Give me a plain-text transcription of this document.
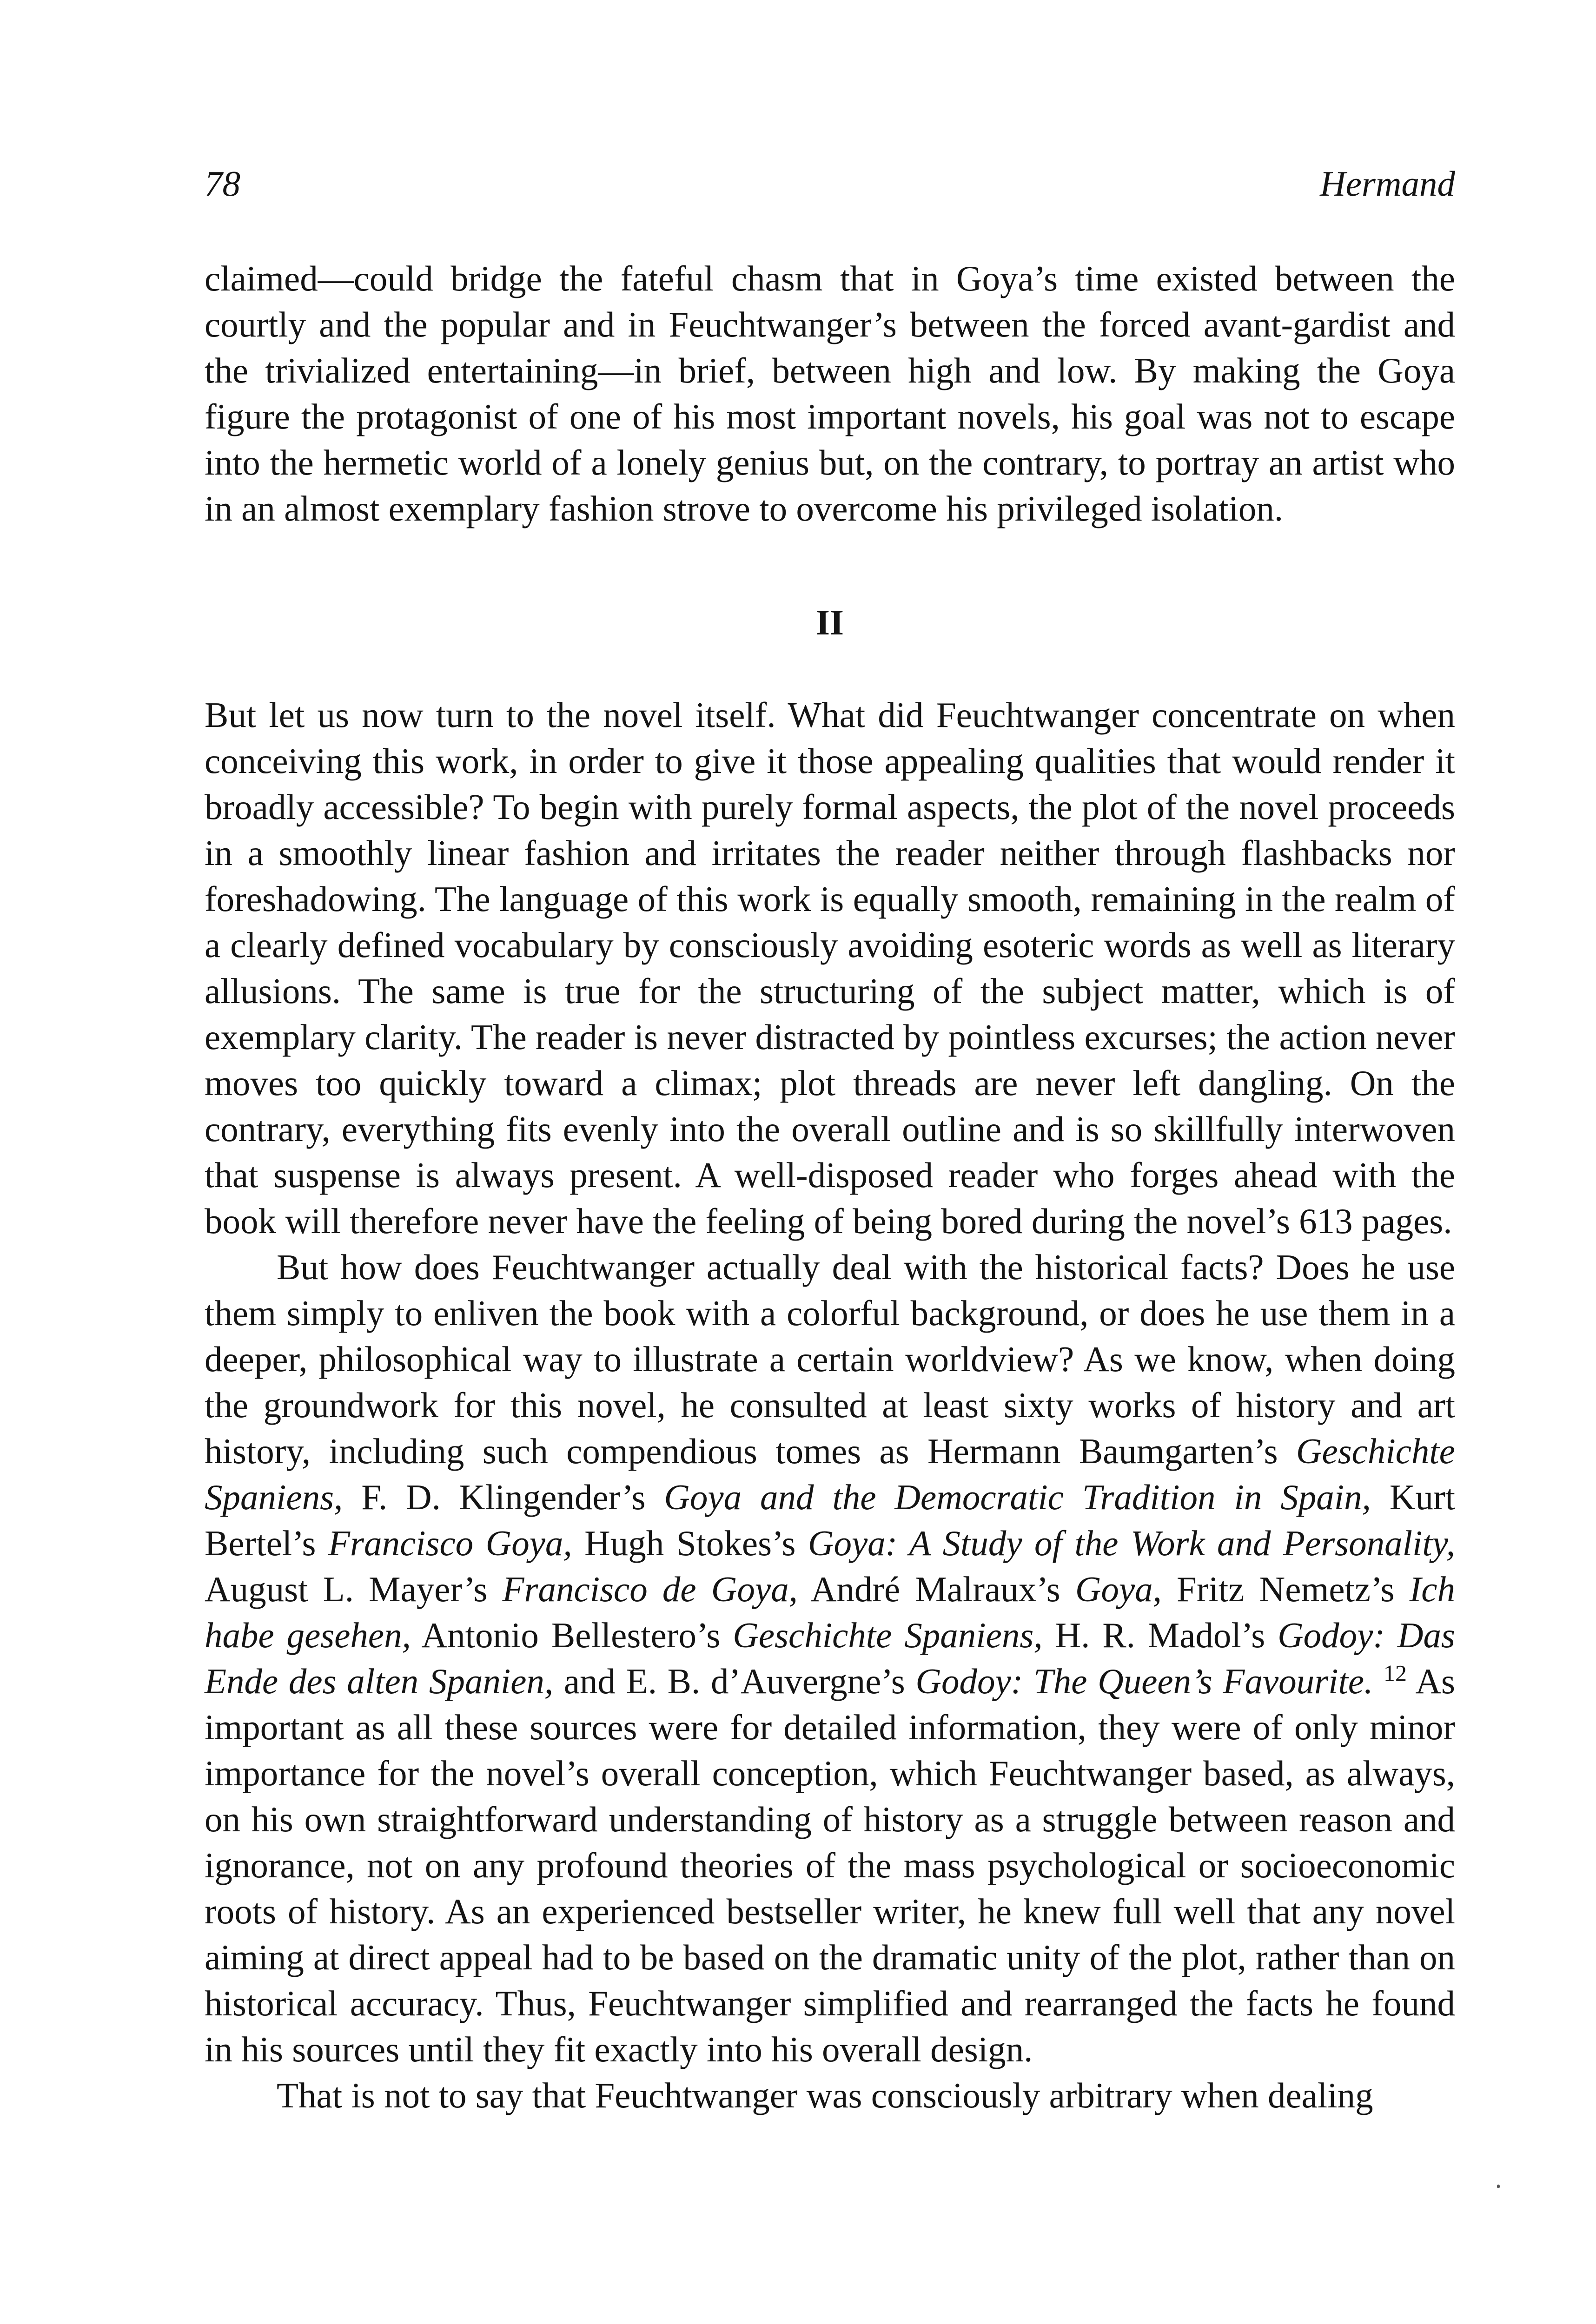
78	Hermand

claimed—could bridge the fateful chasm that in Goya’s time existed between the courtly and the popular and in Feuchtwanger’s between the forced avant-gardist and the trivialized entertaining—in brief, between high and low. By making the Goya figure the protagonist of one of his most important novels, his goal was not to escape into the hermetic world of a lonely genius but, on the contrary, to portray an artist who in an almost exemplary fashion strove to overcome his privileged isolation.

II

But let us now turn to the novel itself. What did Feuchtwanger concentrate on when conceiving this work, in order to give it those appealing qualities that would render it broadly accessible? To begin with purely formal aspects, the plot of the novel proceeds in a smoothly linear fashion and irritates the reader neither through flashbacks nor foreshadowing. The language of this work is equally smooth, remaining in the realm of a clearly defined vocabulary by consciously avoiding esoteric words as well as literary allusions. The same is true for the structuring of the subject matter, which is of exemplary clarity. The reader is never distracted by pointless excurses; the action never moves too quickly toward a climax; plot threads are never left dangling. On the contrary, everything fits evenly into the overall outline and is so skillfully interwoven that suspense is always present. A well-disposed reader who forges ahead with the book will therefore never have the feeling of being bored during the novel’s 613 pages.

But how does Feuchtwanger actually deal with the historical facts? Does he use them simply to enliven the book with a colorful background, or does he use them in a deeper, philosophical way to illustrate a certain worldview? As we know, when doing the groundwork for this novel, he consulted at least sixty works of history and art history, including such compendious tomes as Hermann Baumgarten’s Geschichte Spaniens, F. D. Klingender’s Goya and the Democratic Tradition in Spain, Kurt Bertel’s Francisco Goya, Hugh Stokes’s Goya: A Study of the Work and Personality, August L. Mayer’s Francisco de Goya, André Malraux’s Goya, Fritz Nemetz’s Ich habe gesehen, Antonio Bellestero’s Geschichte Spaniens, H. R. Madol’s Godoy: Das Ende des alten Spanien, and E. B. d’Auvergne’s Godoy: The Queen’s Favourite. $^{12}$ As important as all these sources were for detailed information, they were of only minor importance for the novel’s overall conception, which Feuchtwanger based, as always, on his own straightforward understanding of history as a struggle between reason and ignorance, not on any profound theories of the mass psychological or socioeconomic roots of history. As an experienced bestseller writer, he knew full well that any novel aiming at direct appeal had to be based on the dramatic unity of the plot, rather than on historical accuracy. Thus, Feuchtwanger simplified and rearranged the facts he found in his sources until they fit exactly into his overall design.

That is not to say that Feuchtwanger was consciously arbitrary when dealing
